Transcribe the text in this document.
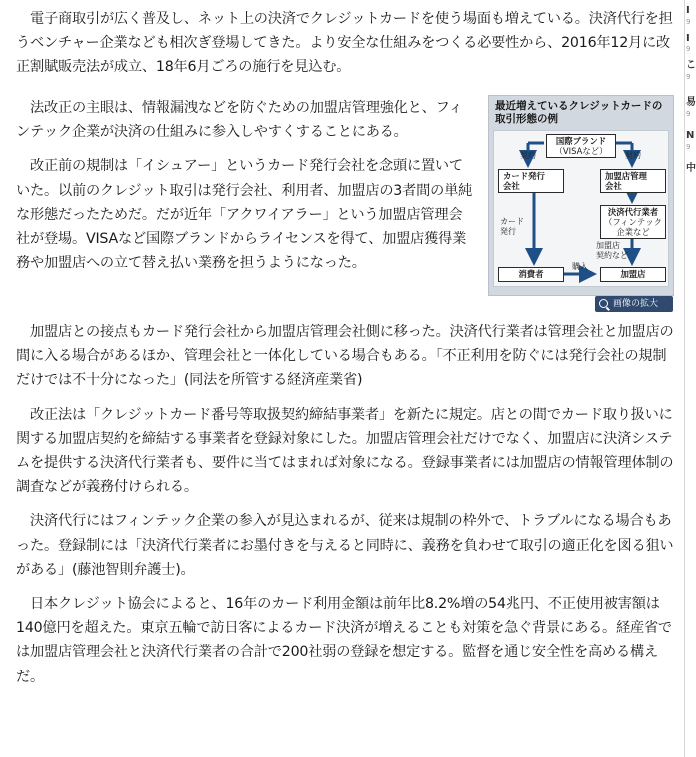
電子商取引が広く普及し、ネット上の決済でクレジットカードを使う場面も増えている。決済代行を担うベンチャー企業なども相次ぎ登場してきた。より安全な仕組みをつくる必要性から、2016年12月に改正割賦販売法が成立、18年6月ごろの施行を見込む。

法改正の主眼は、情報漏洩などを防ぐための加盟店管理強化と、フィンテック企業が決済の仕組みに参入しやすくすることにある。

改正前の規制は「イシュアー」というカード発行会社を念頭に置いていた。以前のクレジット取引は発行会社、利用者、加盟店の3者間の単純な形態だったためだ。だが近年「アクワイアラー」という加盟店管理会社が登場。VISAなど国際ブランドからライセンスを得て、加盟店獲得業務や加盟店への立て替え払い業務を担うようになった。

加盟店との接点もカード発行会社から加盟店管理会社側に移った。決済代行業者は管理会社と加盟店の間に入る場合があるほか、管理会社と一体化している場合もある。「不正利用を防ぐには発行会社の規制だけでは不十分になった」(同法を所管する経済産業省)

改正法は「クレジットカード番号等取扱契約締結事業者」を新たに規定。店との間でカード取り扱いに関する加盟店契約を締結する事業者を登録対象にした。加盟店管理会社だけでなく、加盟店に決済システムを提供する決済代行業者も、要件に当てはまれば対象になる。登録事業者には加盟店の情報管理体制の調査などが義務付けられる。

決済代行にはフィンテック企業の参入が見込まれるが、従来は規制の枠外で、トラブルになる場合もあった。登録制には「決済代行業者にお墨付きを与えると同時に、義務を負わせて取引の適正化を図る狙いがある」(藤池智則弁護士)。

日本クレジット協会によると、16年のカード利用金額は前年比8.2%増の54兆円、不正使用被害額は140億円を超えた。東京五輪で訪日客によるカード決済が増えることも対策を急ぐ背景にある。経産省では加盟店管理会社と決済代行業者の合計で200社弱の登録を想定する。監督を通じ安全性を高める構えだ。

最近増えているクレジットカードの
取引形態の例
国際ブランド
（VISAなど）
契約	契約
カード発行
会社
加盟店管理
会社
カード
発行
決済代行業者
（フィンテック
企業など
加盟店
契約など
購入
消費者	加盟店
画像の拡大
I
9
I
9
こ
9
易
9
N
9
中
